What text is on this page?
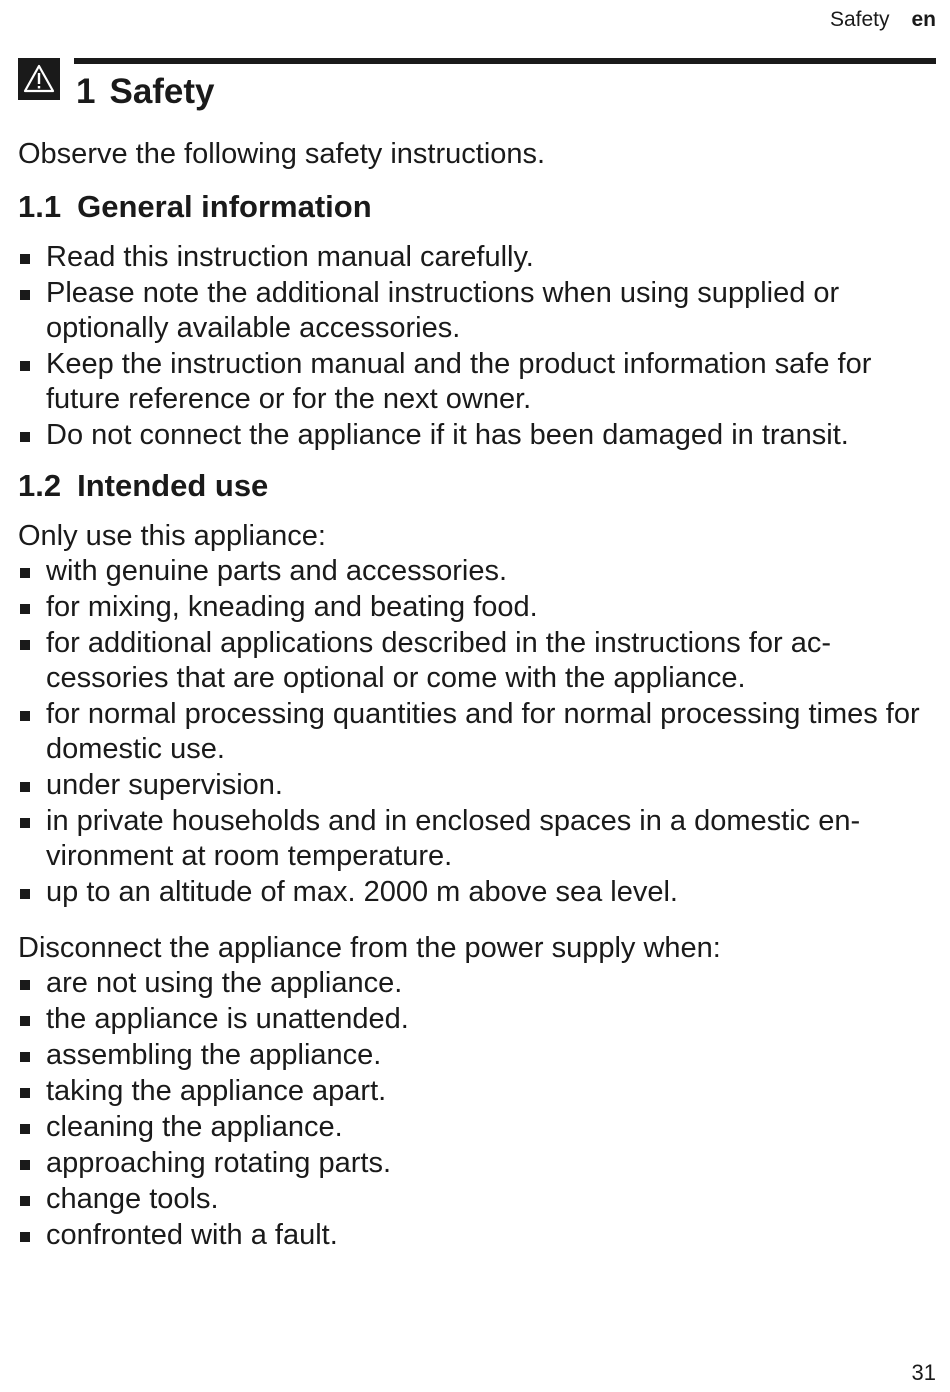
Safety en
1 Safety

Observe the following safety instructions.

1.1 General information
Read this instruction manual carefully.
Please note the additional instructions when using supplied or optionally available accessories.
Keep the instruction manual and the product information safe for future reference or for the next owner.
Do not connect the appliance if it has been damaged in transit.
1.2 Intended use

Only use this appliance:

with genuine parts and accessories.
for mixing, kneading and beating food.
for additional applications described in the instructions for ac-cessories that are optional or come with the appliance.
for normal processing quantities and for normal processing times for domestic use.
under supervision.
in private households and in enclosed spaces in a domestic en-vironment at room temperature.
up to an altitude of max. 2000 m above sea level.

Disconnect the appliance from the power supply when:

are not using the appliance.
the appliance is unattended.
assembling the appliance.
taking the appliance apart.
cleaning the appliance.
approaching rotating parts.
change tools.
confronted with a fault.
31
